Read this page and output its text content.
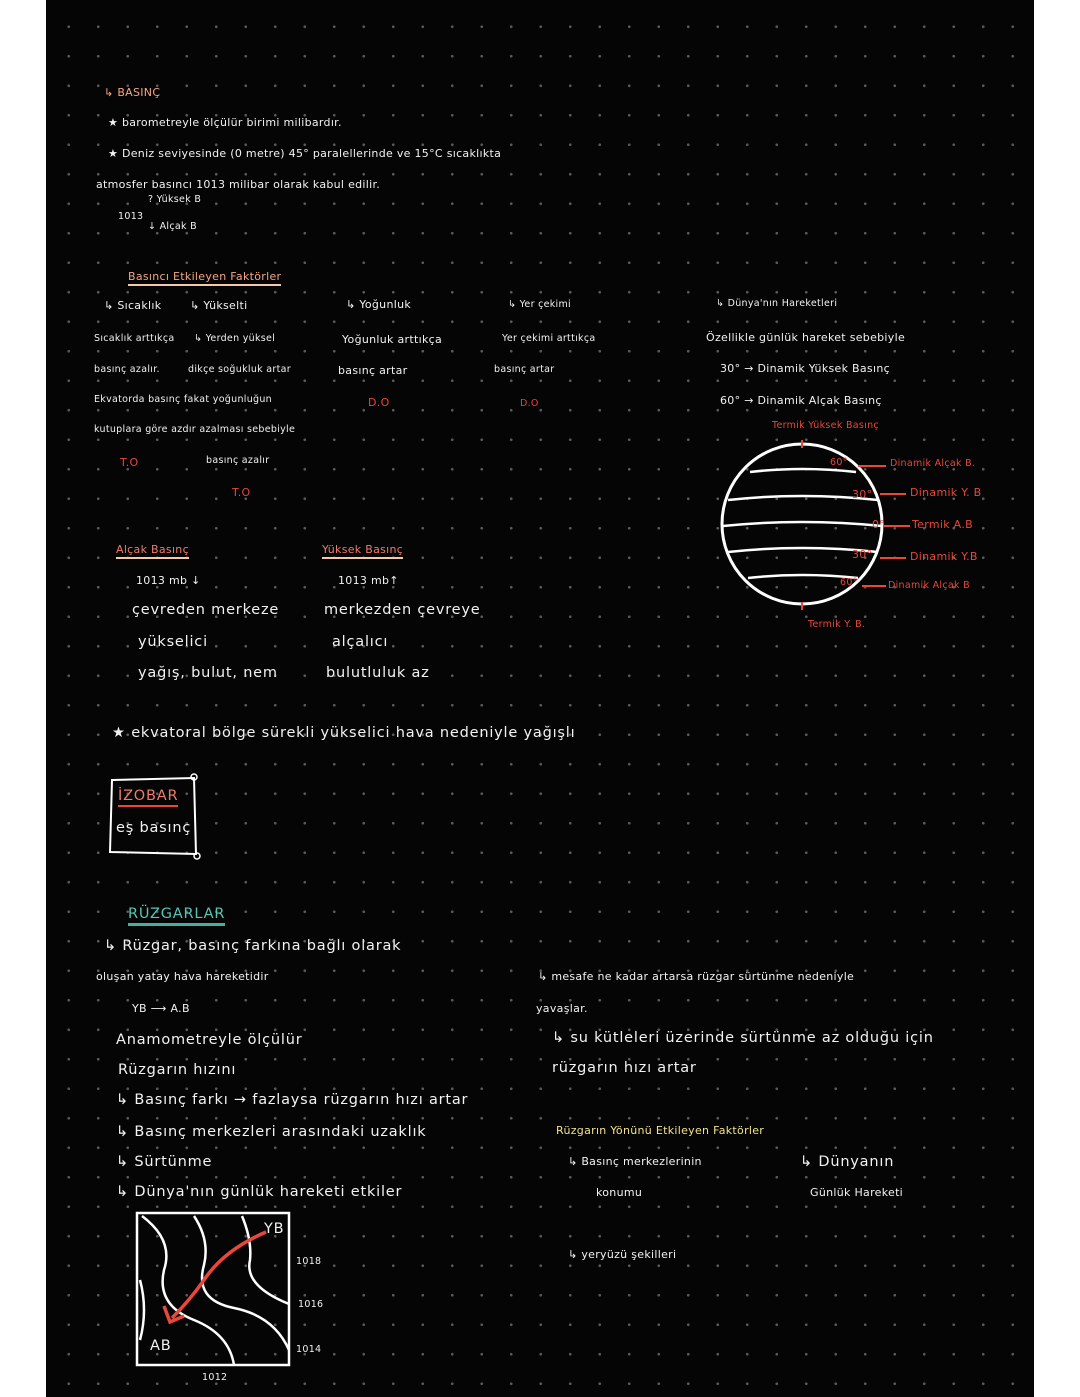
↳ BASINÇ
★ barometreyle ölçülür birimi milibardır.
★ Deniz seviyesinde (0 metre) 45° paralellerinde ve 15°C sıcaklıkta
atmosfer basıncı 1013 milibar olarak kabul edilir.
? Yüksek B
1013
↓ Alçak B
Basıncı Etkileyen Faktörler
↳ Sıcaklık
Sıcaklık arttıkça
basınç azalır.
Ekvatorda basınç fakat yoğunluğun
kutuplara göre azdır azalması sebebiyle
T.O
↳ Yükselti
↳ Yerden yüksel
dikçe soğukluk artar
basınç azalır
T.O
↳ Yoğunluk
Yoğunluk arttıkça
basınç artar
D.O
↳ Yer çekimi
Yer çekimi arttıkça
basınç artar
D.O
↳ Dünya'nın Hareketleri
Özellikle günlük hareket sebebiyle
30° → Dinamik Yüksek Basınç
60° → Dinamik Alçak Basınç
Termik Yüksek Basınç
60°
30°
0°
30°
60°
Dinamik Alçak B.
Dinamik Y. B
Termik A.B
Dinamik Y.B
Dinamik Alçak B
Termik Y. B.
Alçak Basınç
1013 mb ↓
çevreden merkeze
yükselici
yağış, bulut, nem
Yüksek Basınç
1013 mb↑
merkezden çevreye
alçalıcı
bulutluluk az
★ ekvatoral bölge sürekli yükselici hava nedeniyle yağışlı
İZOBAR
eş basınç
RÜZGARLAR
↳ Rüzgar, basınç farkına bağlı olarak
oluşan yatay hava hareketidir
YB ⟶ A.B
Anamometreyle ölçülür
Rüzgarın hızını
↳ Basınç farkı → fazlaysa rüzgarın hızı artar
↳ Basınç merkezleri arasındaki uzaklık
↳ Sürtünme
↳ Dünya'nın günlük hareketi etkiler
↳ mesafe ne kadar artarsa rüzgar sürtünme nedeniyle
yavaşlar.
↳ su kütleleri üzerinde sürtünme az olduğu için
rüzgarın hızı artar
Rüzgarın Yönünü Etkileyen Faktörler
↳ Basınç merkezlerinin
konumu
↳ Dünyanın
Günlük Hareketi
↳ yeryüzü şekilleri
YB
AB
1018
1016
1014
1012
